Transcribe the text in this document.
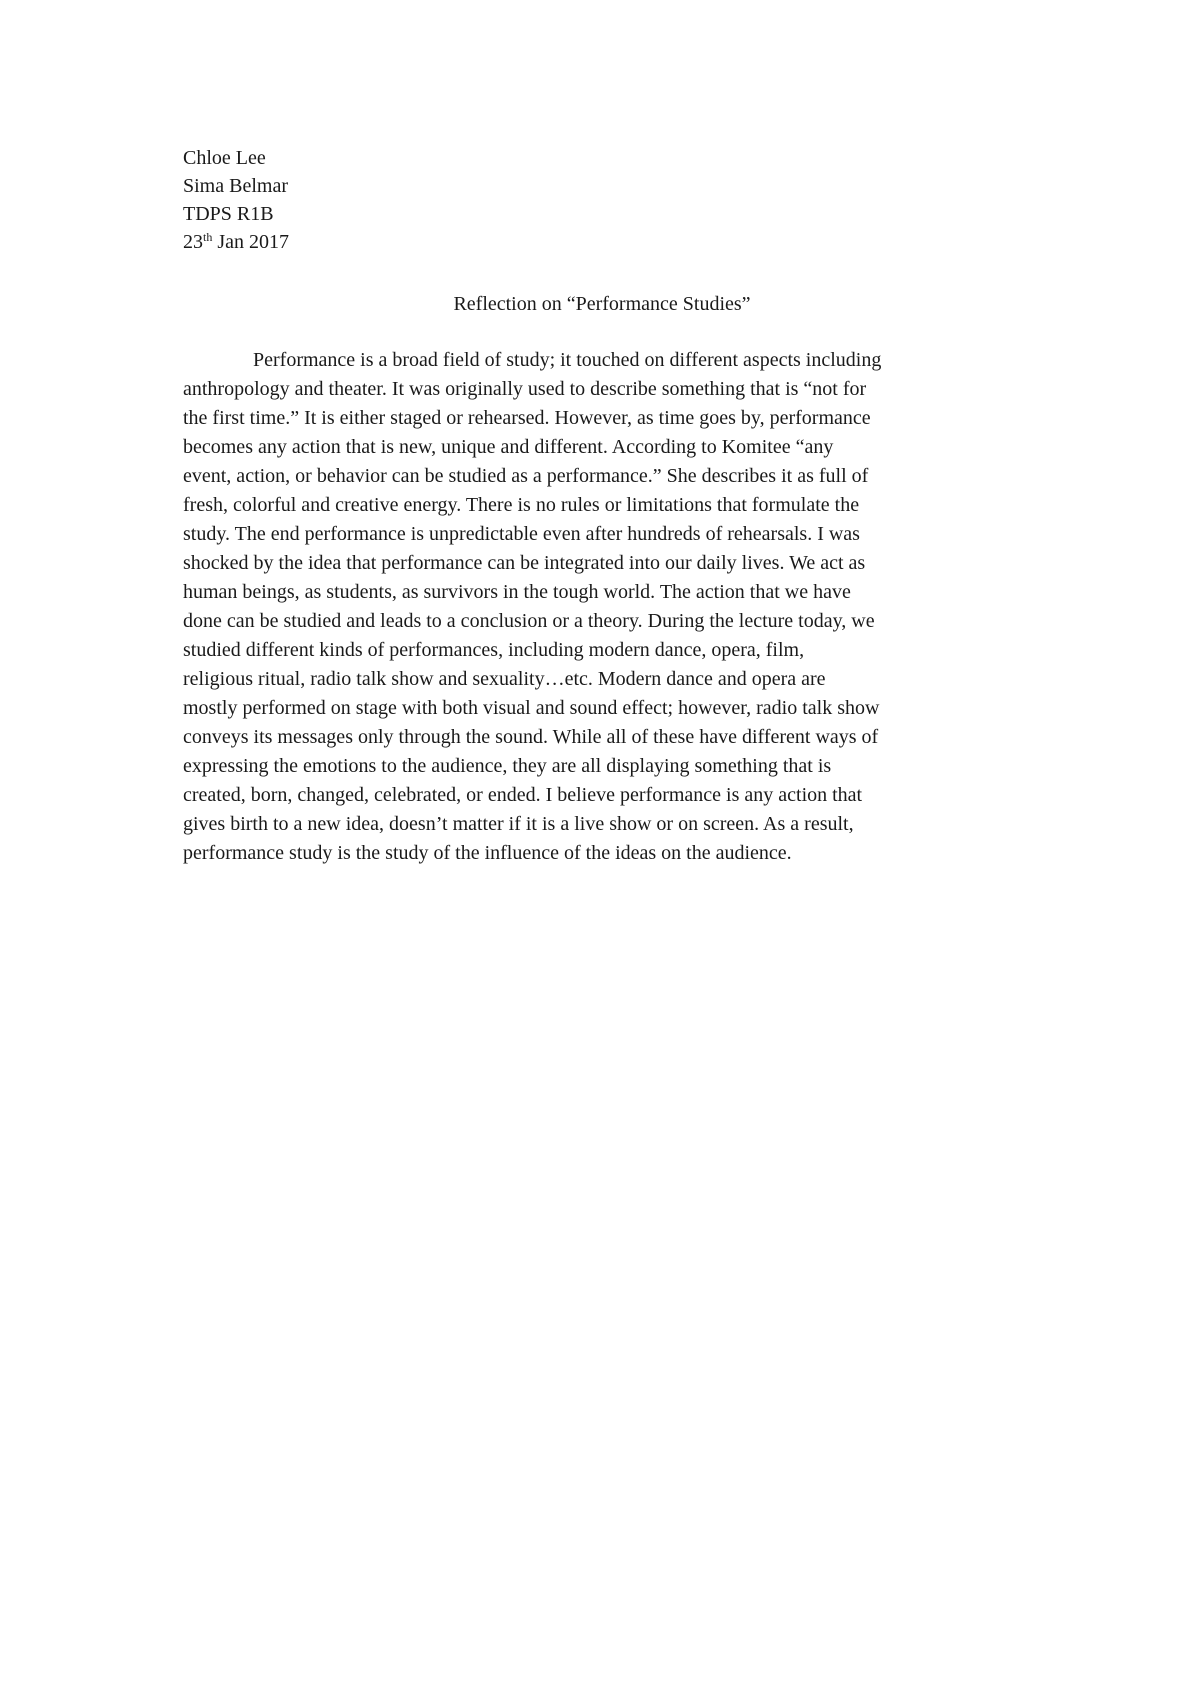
Chloe Lee
Sima Belmar
TDPS R1B
23th Jan 2017
Reflection on “Performance Studies”

Performance is a broad field of study; it touched on different aspects including
anthropology and theater. It was originally used to describe something that is “not for
the first time.” It is either staged or rehearsed. However, as time goes by, performance
becomes any action that is new, unique and different. According to Komitee “any
event, action, or behavior can be studied as a performance.” She describes it as full of
fresh, colorful and creative energy. There is no rules or limitations that formulate the
study. The end performance is unpredictable even after hundreds of rehearsals. I was
shocked by the idea that performance can be integrated into our daily lives. We act as
human beings, as students, as survivors in the tough world. The action that we have
done can be studied and leads to a conclusion or a theory. During the lecture today, we
studied different kinds of performances, including modern dance, opera, film,
religious ritual, radio talk show and sexuality…etc. Modern dance and opera are
mostly performed on stage with both visual and sound effect; however, radio talk show
conveys its messages only through the sound. While all of these have different ways of
expressing the emotions to the audience, they are all displaying something that is
created, born, changed, celebrated, or ended. I believe performance is any action that
gives birth to a new idea, doesn’t matter if it is a live show or on screen. As a result,
performance study is the study of the influence of the ideas on the audience.
